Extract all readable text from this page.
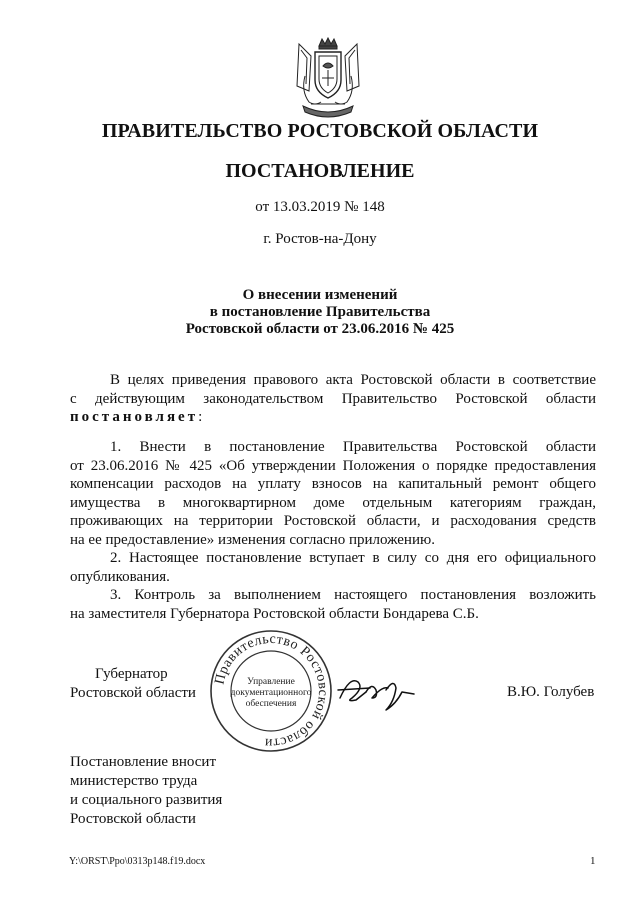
ПРАВИТЕЛЬСТВО РОСТОВСКОЙ ОБЛАСТИ
ПОСТАНОВЛЕНИЕ
от 13.03.2019 № 148
г. Ростов-на-Дону
О внесении изменений
в постановление Правительства
Ростовской области от 23.06.2016 № 425
В целях приведения правового акта Ростовской области в соответствие
с действующим законодательством Правительство Ростовской области
постановляет:
1. Внести в постановление Правительства Ростовской области
от 23.06.2016 № 425 «Об утверждении Положения о порядке предоставления
компенсации расходов на уплату взносов на капитальный ремонт общего
имущества в многоквартирном доме отдельным категориям граждан,
проживающих на территории Ростовской области, и расходования средств
на ее предоставление» изменения согласно приложению.
2. Настоящее постановление вступает в силу со дня его официального
опубликования.
3. Контроль за выполнением настоящего постановления возложить
на заместителя Губернатора Ростовской области Бондарева С.Б.
Губернатор
Ростовской области
Правительство Ростовской области
Управление
документационного
обеспечения
В.Ю. Голубев
Постановление вносит
министерство труда
и социального развития
Ростовской области
Y:\ORST\Ppo\0313p148.f19.docx	1
